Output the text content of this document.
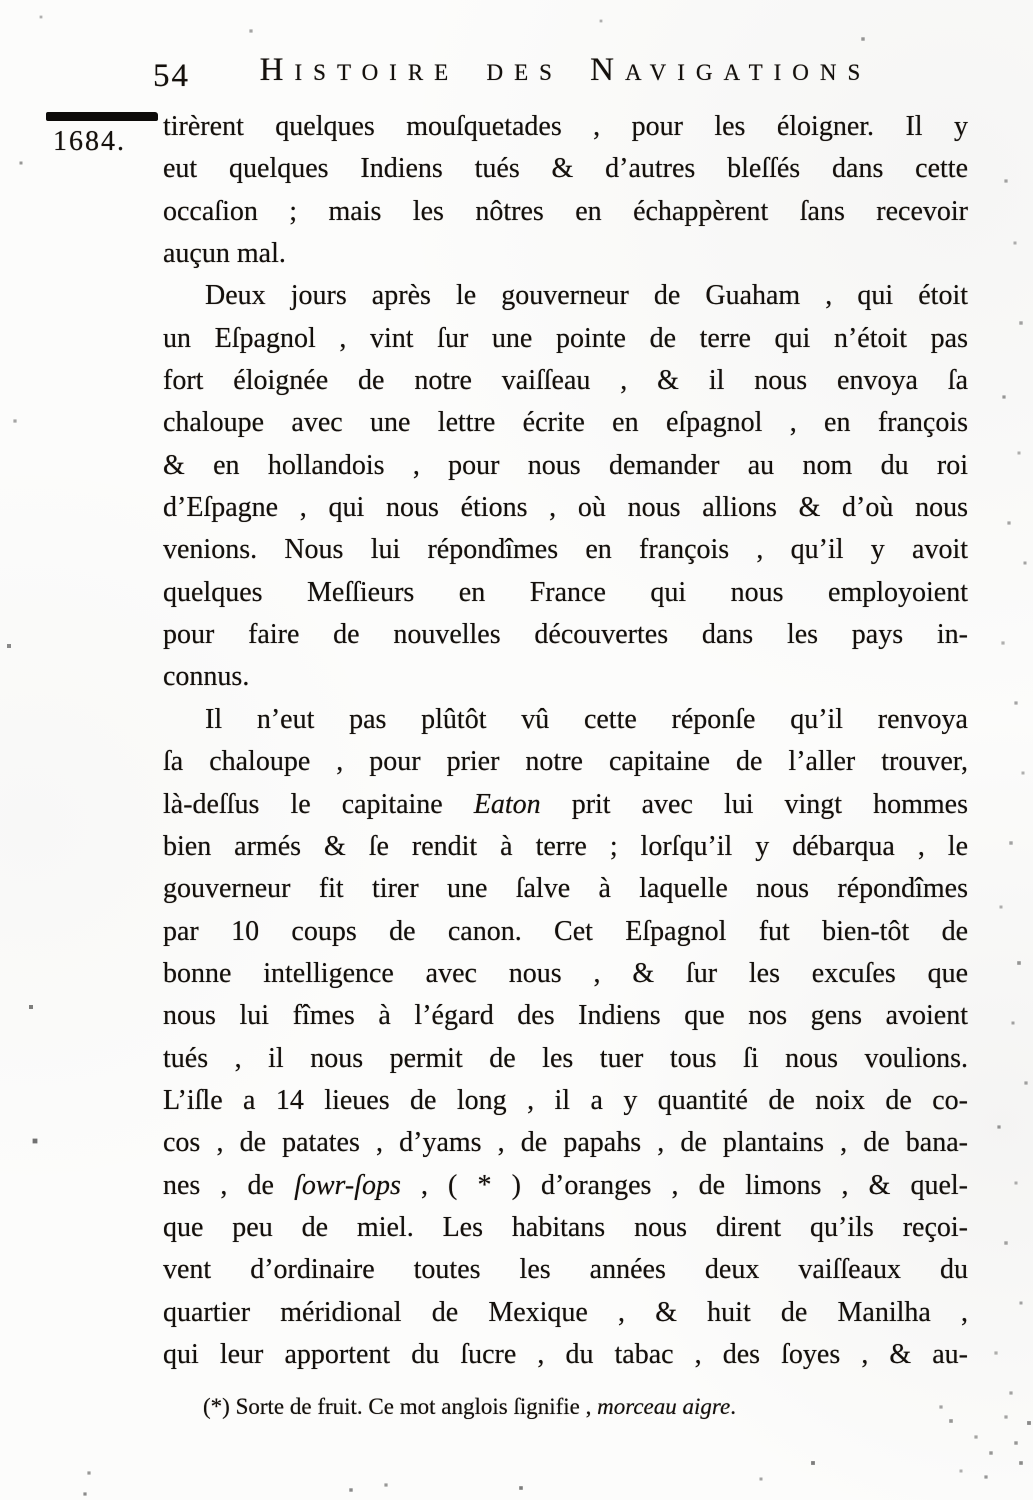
54	Histoire des Navigations
1684. tirèrent quelques mouſquetades , pour les éloigner. Il y
eut quelques Indiens tués & d’autres bleſſés dans cette
occaſion ; mais les nôtres en échappèrent ſans recevoir
auçun mal.
Deux jours après le gouverneur de Guaham , qui étoit
un Eſpagnol , vint ſur une pointe de terre qui n’étoit pas
fort éloignée de notre vaiſſeau , & il nous envoya ſa
chaloupe avec une lettre écrite en eſpagnol , en françois
& en hollandois , pour nous demander au nom du roi
d’Eſpagne , qui nous étions , où nous allions & d’où nous
venions. Nous lui répondîmes en françois , qu’il y avoit
quelques Meſſieurs en France qui nous employoient
pour faire de nouvelles découvertes dans les pays in-
connus.
Il n’eut pas plûtôt vû cette réponſe qu’il renvoya
ſa chaloupe , pour prier notre capitaine de l’aller trouver,
là-deſſus le capitaine Eaton prit avec lui vingt hommes
bien armés & ſe rendit à terre ; lorſqu’il y débarqua , le
gouverneur fit tirer une ſalve à laquelle nous répondîmes
par 10 coups de canon. Cet Eſpagnol fut bien-tôt de
bonne intelligence avec nous , & ſur les excuſes que
nous lui fîmes à l’égard des Indiens que nos gens avoient
tués , il nous permit de les tuer tous ſi nous voulions.
L’iſle a 14 lieues de long , il a y quantité de noix de co-
cos , de patates , d’yams , de papahs , de plantains , de bana-
nes , de ſowr-ſops , ( * ) d’oranges , de limons , & quel-
que peu de miel. Les habitans nous dirent qu’ils reçoi-
vent d’ordinaire toutes les années deux vaiſſeaux du
quartier méridional de Mexique , & huit de Manilha ,
qui leur apportent du ſucre , du tabac , des ſoyes , & au-
(*) Sorte de fruit. Ce mot anglois ſignifie , morceau aigre.
